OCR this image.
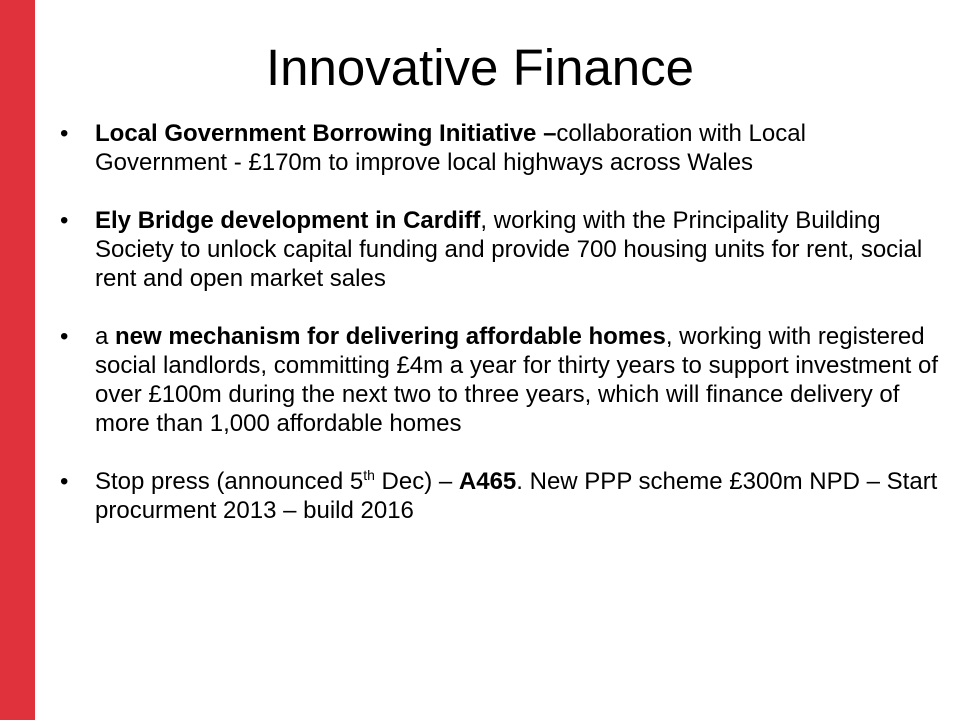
Innovative Finance
•	Local Government Borrowing Initiative –collaboration with Local Government - £170m to improve local highways across Wales
•	Ely Bridge development in Cardiff, working with the Principality Building Society to unlock capital funding and provide 700 housing units for rent, social rent and open market sales
•	a new mechanism for delivering affordable homes, working with registered social landlords, committing £4m a year for thirty years to support investment of over £100m during the next two to three years, which will finance delivery of more than 1,000 affordable homes
•	Stop press (announced 5th Dec) – A465. New PPP scheme £300m NPD – Start procurment 2013 – build 2016
